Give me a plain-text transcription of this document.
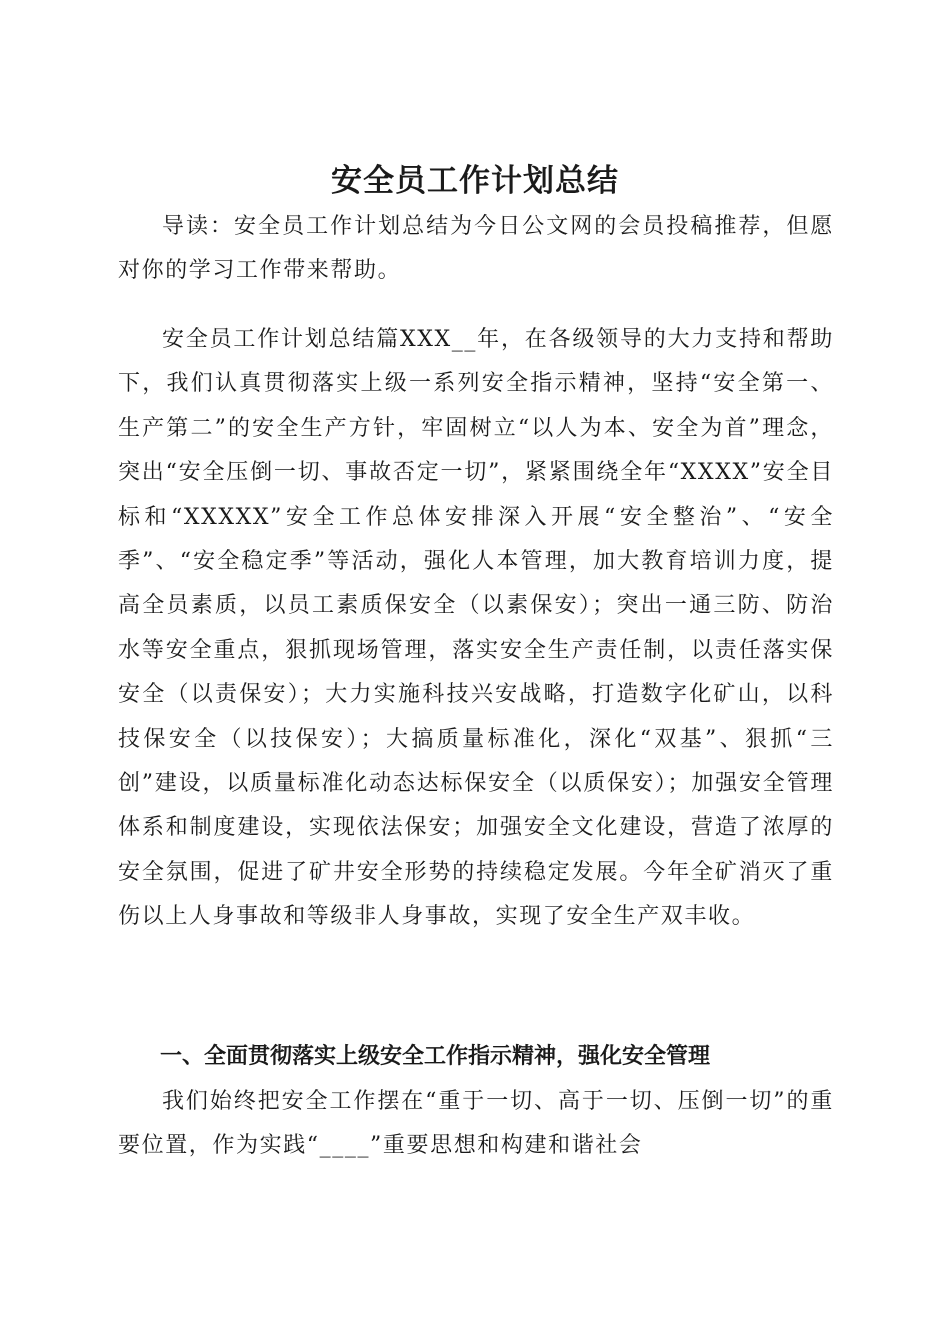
安全员工作计划总结

导读：安全员工作计划总结为今日公文网的会员投稿推荐，但愿对你的学习工作带来帮助。

安全员工作计划总结篇XXX__年，在各级领导的大力支持和帮助下，我们认真贯彻落实上级一系列安全指示精神，坚持“安全第一、生产第二”的安全生产方针，牢固树立“以人为本、安全为首”理念，突出“安全压倒一切、事故否定一切”，紧紧围绕全年“XXXX”安全目标和“XXXXX”安全工作总体安排深入开展“安全整治”、“安全季”、“安全稳定季”等活动，强化人本管理，加大教育培训力度，提高全员素质，以员工素质保安全（以素保安）；突出一通三防、防治水等安全重点，狠抓现场管理，落实安全生产责任制，以责任落实保安全（以责保安）；大力实施科技兴安战略，打造数字化矿山，以科技保安全（以技保安）；大搞质量标准化，深化“双基”、狠抓“三创”建设，以质量标准化动态达标保安全（以质保安）；加强安全管理体系和制度建设，实现依法保安；加强安全文化建设，营造了浓厚的安全氛围，促进了矿井安全形势的持续稳定发展。今年全矿消灭了重伤以上人身事故和等级非人身事故，实现了安全生产双丰收。

一、全面贯彻落实上级安全工作指示精神，强化安全管理

我们始终把安全工作摆在“重于一切、高于一切、压倒一切”的重要位置，作为实践“____”重要思想和构建和谐社会
